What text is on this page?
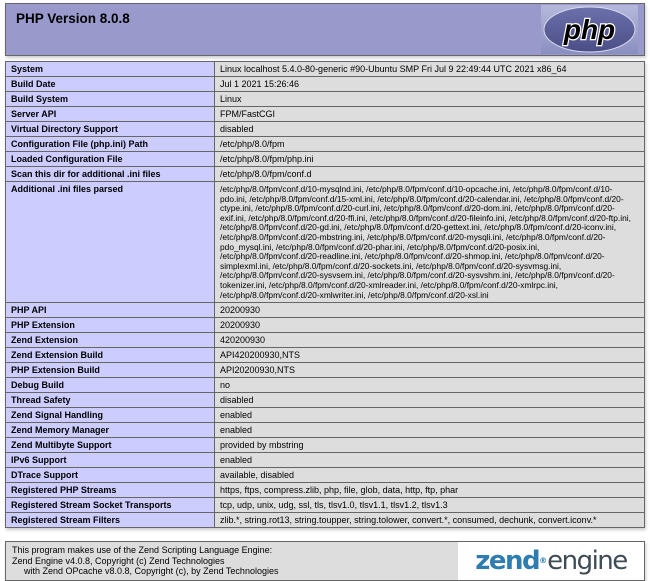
PHP Version 8.0.8	php
System	Linux localhost 5.4.0-80-generic #90-Ubuntu SMP Fri Jul 9 22:49:44 UTC 2021 x86_64
Build Date	Jul 1 2021 15:26:46
Build System	Linux
Server API	FPM/FastCGI
Virtual Directory Support	disabled
Configuration File (php.ini) Path	/etc/php/8.0/fpm
Loaded Configuration File	/etc/php/8.0/fpm/php.ini
Scan this dir for additional .ini files	/etc/php/8.0/fpm/conf.d
Additional .ini files parsed	/etc/php/8.0/fpm/conf.d/10-mysqlnd.ini, /etc/php/8.0/fpm/conf.d/10-opcache.ini, /etc/php/8.0/fpm/conf.d/10-pdo.ini, /etc/php/8.0/fpm/conf.d/15-xml.ini, /etc/php/8.0/fpm/conf.d/20-calendar.ini, /etc/php/8.0/fpm/conf.d/20-ctype.ini, /etc/php/8.0/fpm/conf.d/20-curl.ini, /etc/php/8.0/fpm/conf.d/20-dom.ini, /etc/php/8.0/fpm/conf.d/20-exif.ini, /etc/php/8.0/fpm/conf.d/20-ffi.ini, /etc/php/8.0/fpm/conf.d/20-fileinfo.ini, /etc/php/8.0/fpm/conf.d/20-ftp.ini, /etc/php/8.0/fpm/conf.d/20-gd.ini, /etc/php/8.0/fpm/conf.d/20-gettext.ini, /etc/php/8.0/fpm/conf.d/20-iconv.ini, /etc/php/8.0/fpm/conf.d/20-mbstring.ini, /etc/php/8.0/fpm/conf.d/20-mysqli.ini, /etc/php/8.0/fpm/conf.d/20-pdo_mysql.ini, /etc/php/8.0/fpm/conf.d/20-phar.ini, /etc/php/8.0/fpm/conf.d/20-posix.ini, /etc/php/8.0/fpm/conf.d/20-readline.ini, /etc/php/8.0/fpm/conf.d/20-shmop.ini, /etc/php/8.0/fpm/conf.d/20-simplexml.ini, /etc/php/8.0/fpm/conf.d/20-sockets.ini, /etc/php/8.0/fpm/conf.d/20-sysvmsg.ini, /etc/php/8.0/fpm/conf.d/20-sysvsem.ini, /etc/php/8.0/fpm/conf.d/20-sysvshm.ini, /etc/php/8.0/fpm/conf.d/20-tokenizer.ini, /etc/php/8.0/fpm/conf.d/20-xmlreader.ini, /etc/php/8.0/fpm/conf.d/20-xmlrpc.ini, /etc/php/8.0/fpm/conf.d/20-xmlwriter.ini, /etc/php/8.0/fpm/conf.d/20-xsl.ini
PHP API	20200930
PHP Extension	20200930
Zend Extension	420200930
Zend Extension Build	API420200930,NTS
PHP Extension Build	API20200930,NTS
Debug Build	no
Thread Safety	disabled
Zend Signal Handling	enabled
Zend Memory Manager	enabled
Zend Multibyte Support	provided by mbstring
IPv6 Support	enabled
DTrace Support	available, disabled
Registered PHP Streams	https, ftps, compress.zlib, php, file, glob, data, http, ftp, phar
Registered Stream Socket Transports	tcp, udp, unix, udg, ssl, tls, tlsv1.0, tlsv1.1, tlsv1.2, tlsv1.3
Registered Stream Filters	zlib.*, string.rot13, string.toupper, string.tolower, convert.*, consumed, dechunk, convert.iconv.*
This program makes use of the Zend Scripting Language Engine:
Zend Engine v4.0.8, Copyright (c) Zend Technologies
with Zend OPcache v8.0.8, Copyright (c), by Zend Technologies	zend ® engine
